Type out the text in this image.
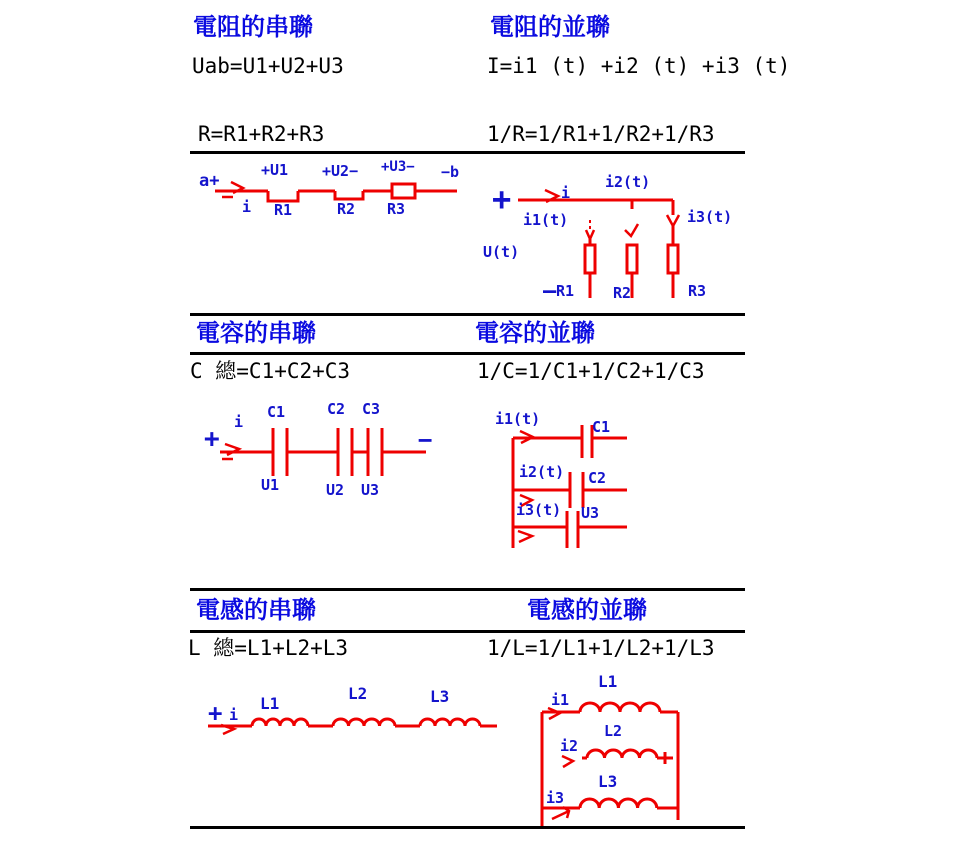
電阻的串聯	電阻的並聯
Uab=U1+U2+U3	I=i1 (t) +i2 (t) +i3 (t)
R=R1+R2+R3	1/R=1/R1+1/R2+1/R3
a+
+U1 +U2− +U3− −b
i R1	R2 R3	+	i
i2(t)
i1(t)	i3(t)
U(t)
R1	R2	R3
—
電容的串聯	電容的並聯
C 總=C1+C2+C3	1/C=1/C1+1/C2+1/C3
+
i
C1	C2 C3
U1	U2 U3
−
i1(t)	C1
i2(t) C2
i3(t) U3
電感的串聯	電感的並聯
L 總=L1+L2+L3	1/L=1/L1+1/L2+1/L3
+ i
L1
L2	L3	i1
L1
i2
L2
i3
L3
